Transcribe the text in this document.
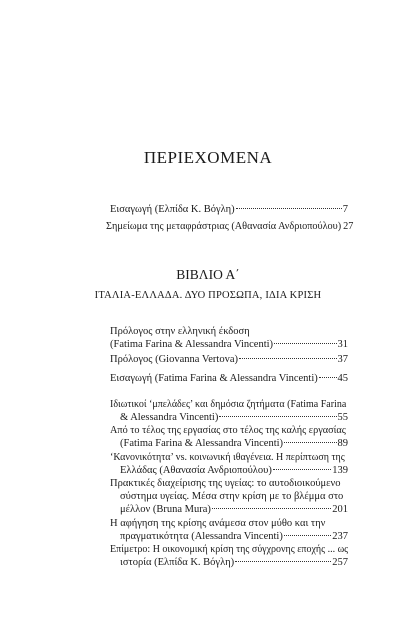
ΠΕΡΙΕΧΟΜΕΝΑ
Εισαγωγή (Ελπίδα Κ. Βόγλη)	7
Σημείωμα της μεταφράστριας (Αθανασία Ανδριοπούλου) 27
ΒΙΒΛΙΟ Α΄
ΙΤΑΛΙΑ-ΕΛΛΑΔΑ. ΔΥΟ ΠΡΟΣΩΠΑ, ΙΔΙΑ ΚΡΙΣΗ
Πρόλογος στην ελληνική έκδοση
(Fatima Farina & Alessandra Vincenti)	31
Πρόλογος (Giovanna Vertova)	37
Εισαγωγή (Fatima Farina & Alessandra Vincenti) 45
Ιδιωτικοί ‘μπελάδες’ και δημόσια ζητήματα (Fatima Farina
& Alessandra Vincenti)	55
Από το τέλος της εργασίας στο τέλος της καλής εργασίας
(Fatima Farina & Alessandra Vincenti)	89
‘Κανονικότητα’ vs. κοινωνική ιθαγένεια. Η περίπτωση της
Ελλάδας (Αθανασία Ανδριοπούλου)	139
Πρακτικές διαχείρισης της υγείας: το αυτοδιοικούμενο
σύστημα υγείας. Μέσα στην κρίση με το βλέμμα στο
μέλλον (Bruna Mura)	201
Η αφήγηση της κρίσης ανάμεσα στον μύθο και την
πραγματικότητα (Alessandra Vincenti)	237
Επίμετρο: Η οικονομική κρίση της σύγχρονης εποχής ... ως
ιστορία (Ελπίδα Κ. Βόγλη)	257
